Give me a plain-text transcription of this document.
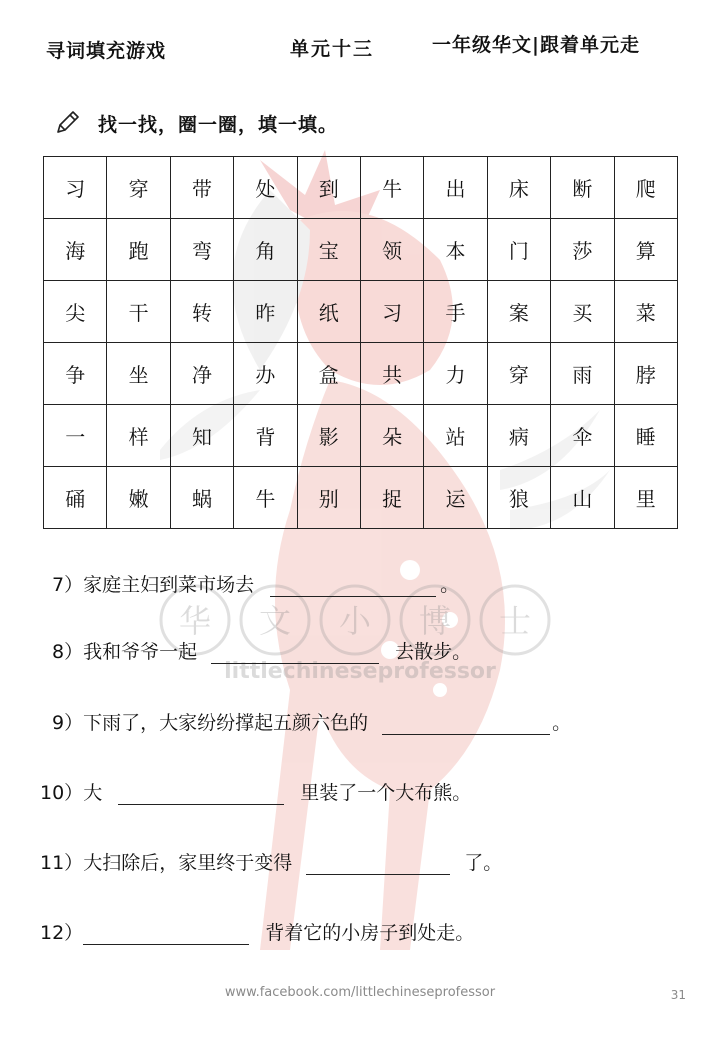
华 文 小 博 士
littlechineseprofessor
寻词填充游戏	单元十三	一年级华文|跟着单元走
找一找，圈一圈，填一填。
习	穿	带	处	到	牛	出	床	断	爬
海	跑	弯	角	宝	领	本	门	莎	算
尖	干	转	昨	纸	习	手	案	买	菜
争	坐	净	办	盒	共	力	穿	雨	脖
一	样	知	背	影	朵	站	病	伞	睡
硧	嫩	蜗	牛	别	捉	运	狼	山	里
7） 家庭主妇到菜市场去	。
8） 我和爷爷一起	去散步。
9） 下雨了，大家纷纷撑起五颜六色的	。
10） 大	里装了一个大布熊。
11） 大扫除后，家里终于变得	了。
12）	背着它的小房子到处走。
www.facebook.com/littlechineseprofessor	31
